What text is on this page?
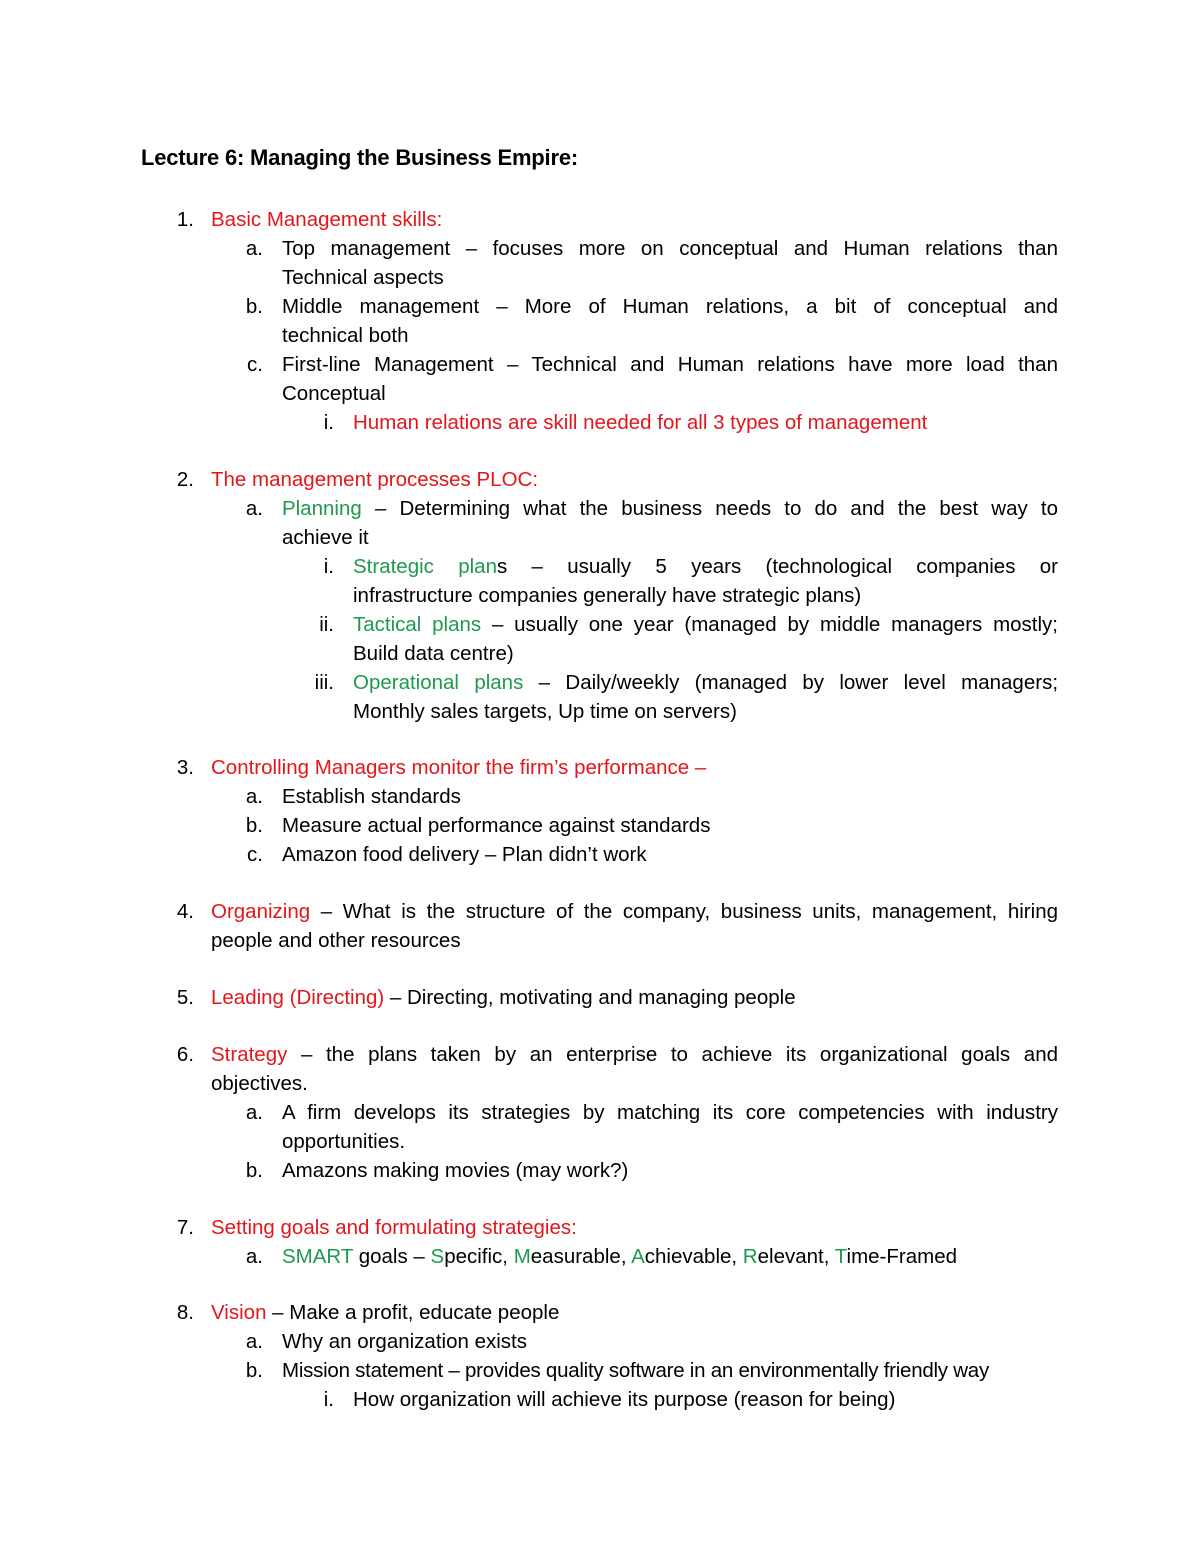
Lecture 6: Managing the Business Empire:
1. Basic Management skills:
a. Top management – focuses more on conceptual and Human relations than
Technical aspects
b. Middle management – More of Human relations, a bit of conceptual and
technical both
c. First-line Management – Technical and Human relations have more load than
Conceptual
i. Human relations are skill needed for all 3 types of management
2. The management processes PLOC:
a. Planning – Determining what the business needs to do and the best way to
achieve it
i. Strategic plans – usually 5 years (technological companies or
infrastructure companies generally have strategic plans)
ii. Tactical plans – usually one year (managed by middle managers mostly;
Build data centre)
iii. Operational plans – Daily/weekly (managed by lower level managers;
Monthly sales targets, Up time on servers)
3. Controlling Managers monitor the firm’s performance –
a. Establish standards
b. Measure actual performance against standards
c. Amazon food delivery – Plan didn’t work
4. Organizing – What is the structure of the company, business units, management, hiring
people and other resources
5. Leading (Directing) – Directing, motivating and managing people
6. Strategy – the plans taken by an enterprise to achieve its organizational goals and
objectives.
a. A firm develops its strategies by matching its core competencies with industry
opportunities.
b. Amazons making movies (may work?)
7. Setting goals and formulating strategies:
a. SMART goals – Specific, Measurable, Achievable, Relevant, Time-Framed
8. Vision – Make a profit, educate people
a. Why an organization exists
b. Mission statement – provides quality software in an environmentally friendly way
i. How organization will achieve its purpose (reason for being)
